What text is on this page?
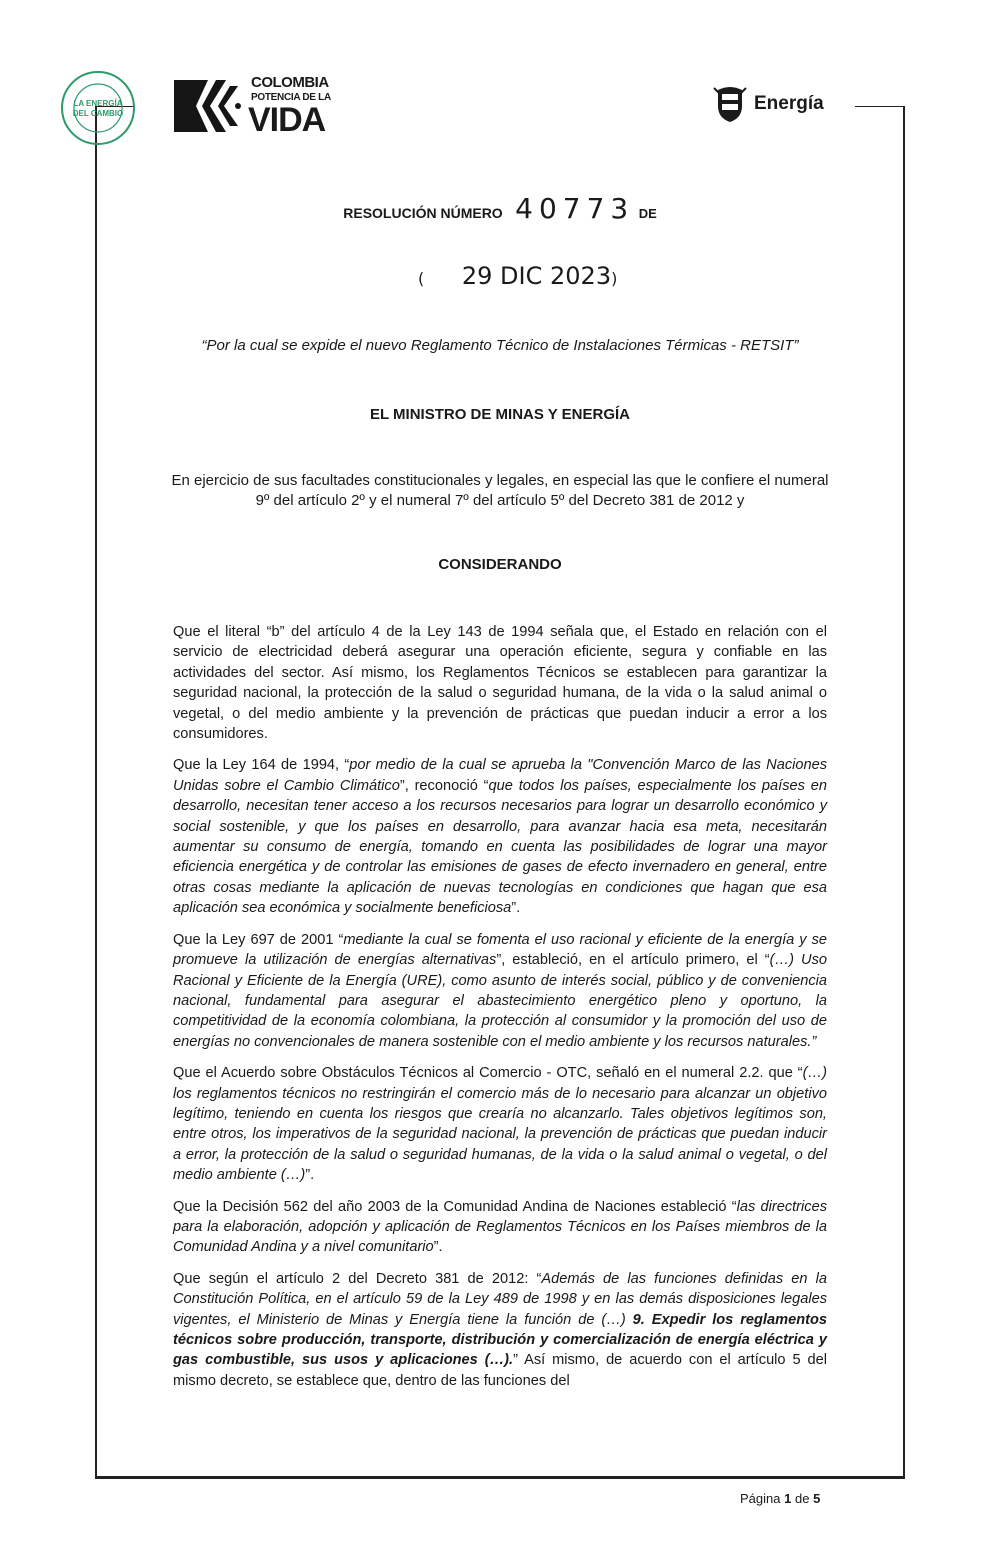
LA ENERGÍA
DEL CAMBIO
COLOMBIA
POTENCIA DE LA
VIDA	Energía
RESOLUCIÓN NÚMERO 40773 DE
( 29 DIC 2023)
“Por la cual se expide el nuevo Reglamento Técnico de Instalaciones Térmicas - RETSIT”
EL MINISTRO DE MINAS Y ENERGÍA
En ejercicio de sus facultades constitucionales y legales, en especial las que le confiere el numeral 9º del artículo 2º y el numeral 7º del artículo 5º del Decreto 381 de 2012 y
CONSIDERANDO

Que el literal “b” del artículo 4 de la Ley 143 de 1994 señala que, el Estado en relación con el servicio de electricidad deberá asegurar una operación eficiente, segura y confiable en las actividades del sector. Así mismo, los Reglamentos Técnicos se establecen para garantizar la seguridad nacional, la protección de la salud o seguridad humana, de la vida o la salud animal o vegetal, o del medio ambiente y la prevención de prácticas que puedan inducir a error a los consumidores.

Que la Ley 164 de 1994, “por medio de la cual se aprueba la "Convención Marco de las Naciones Unidas sobre el Cambio Climático”, reconoció “que todos los países, especialmente los países en desarrollo, necesitan tener acceso a los recursos necesarios para lograr un desarrollo económico y social sostenible, y que los países en desarrollo, para avanzar hacia esa meta, necesitarán aumentar su consumo de energía, tomando en cuenta las posibilidades de lograr una mayor eficiencia energética y de controlar las emisiones de gases de efecto invernadero en general, entre otras cosas mediante la aplicación de nuevas tecnologías en condiciones que hagan que esa aplicación sea económica y socialmente beneficiosa”.

Que la Ley 697 de 2001 “mediante la cual se fomenta el uso racional y eficiente de la energía y se promueve la utilización de energías alternativas”, estableció, en el artículo primero, el “(…) Uso Racional y Eficiente de la Energía (URE), como asunto de interés social, público y de conveniencia nacional, fundamental para asegurar el abastecimiento energético pleno y oportuno, la competitividad de la economía colombiana, la protección al consumidor y la promoción del uso de energías no convencionales de manera sostenible con el medio ambiente y los recursos naturales.”

Que el Acuerdo sobre Obstáculos Técnicos al Comercio - OTC, señaló en el numeral 2.2. que “(…) los reglamentos técnicos no restringirán el comercio más de lo necesario para alcanzar un objetivo legítimo, teniendo en cuenta los riesgos que crearía no alcanzarlo. Tales objetivos legítimos son, entre otros, los imperativos de la seguridad nacional, la prevención de prácticas que puedan inducir a error, la protección de la salud o seguridad humanas, de la vida o la salud animal o vegetal, o del medio ambiente (…)”.

Que la Decisión 562 del año 2003 de la Comunidad Andina de Naciones estableció “las directrices para la elaboración, adopción y aplicación de Reglamentos Técnicos en los Países miembros de la Comunidad Andina y a nivel comunitario”.

Que según el artículo 2 del Decreto 381 de 2012: “Además de las funciones definidas en la Constitución Política, en el artículo 59 de la Ley 489 de 1998 y en las demás disposiciones legales vigentes, el Ministerio de Minas y Energía tiene la función de (…) 9. Expedir los reglamentos técnicos sobre producción, transporte, distribución y comercialización de energía eléctrica y gas combustible, sus usos y aplicaciones (…).” Así mismo, de acuerdo con el artículo 5 del mismo decreto, se establece que, dentro de las funciones del

Página 1 de 5
